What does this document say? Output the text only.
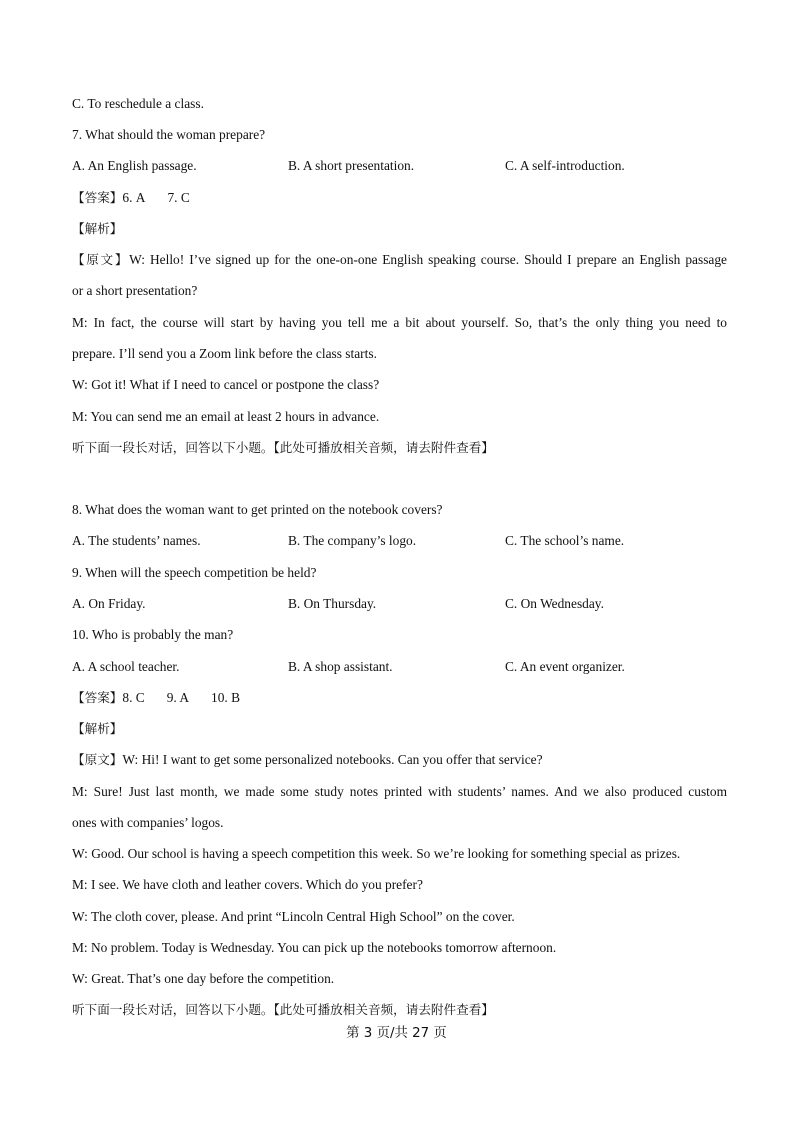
C. To reschedule a class.
7. What should the woman prepare?
A. An English passage.	B. A short presentation.	C. A self-introduction.
【答案】6. A 7. C
【解析】
【原文】W: Hello! I’ve signed up for the one-on-one English speaking course. Should I prepare an English passage
or a short presentation?
M: In fact, the course will start by having you tell me a bit about yourself. So, that’s the only thing you need to
prepare. I’ll send you a Zoom link before the class starts.
W: Got it! What if I need to cancel or postpone the class?
M: You can send me an email at least 2 hours in advance.
听下面一段长对话，回答以下小题。【此处可播放相关音频，请去附件查看】
8. What does the woman want to get printed on the notebook covers?
A. The students’ names.	B. The company’s logo.	C. The school’s name.
9. When will the speech competition be held?
A. On Friday.	B. On Thursday.	C. On Wednesday.
10. Who is probably the man?
A. A school teacher.	B. A shop assistant.	C. An event organizer.
【答案】8. C 9. A 10. B
【解析】
【原文】W: Hi! I want to get some personalized notebooks. Can you offer that service?
M: Sure! Just last month, we made some study notes printed with students’ names. And we also produced custom
ones with companies’ logos.
W: Good. Our school is having a speech competition this week. So we’re looking for something special as prizes.
M: I see. We have cloth and leather covers. Which do you prefer?
W: The cloth cover, please. And print “Lincoln Central High School” on the cover.
M: No problem. Today is Wednesday. You can pick up the notebooks tomorrow afternoon.
W: Great. That’s one day before the competition.
听下面一段长对话，回答以下小题。【此处可播放相关音频，请去附件查看】
第 3 页/共 27 页
